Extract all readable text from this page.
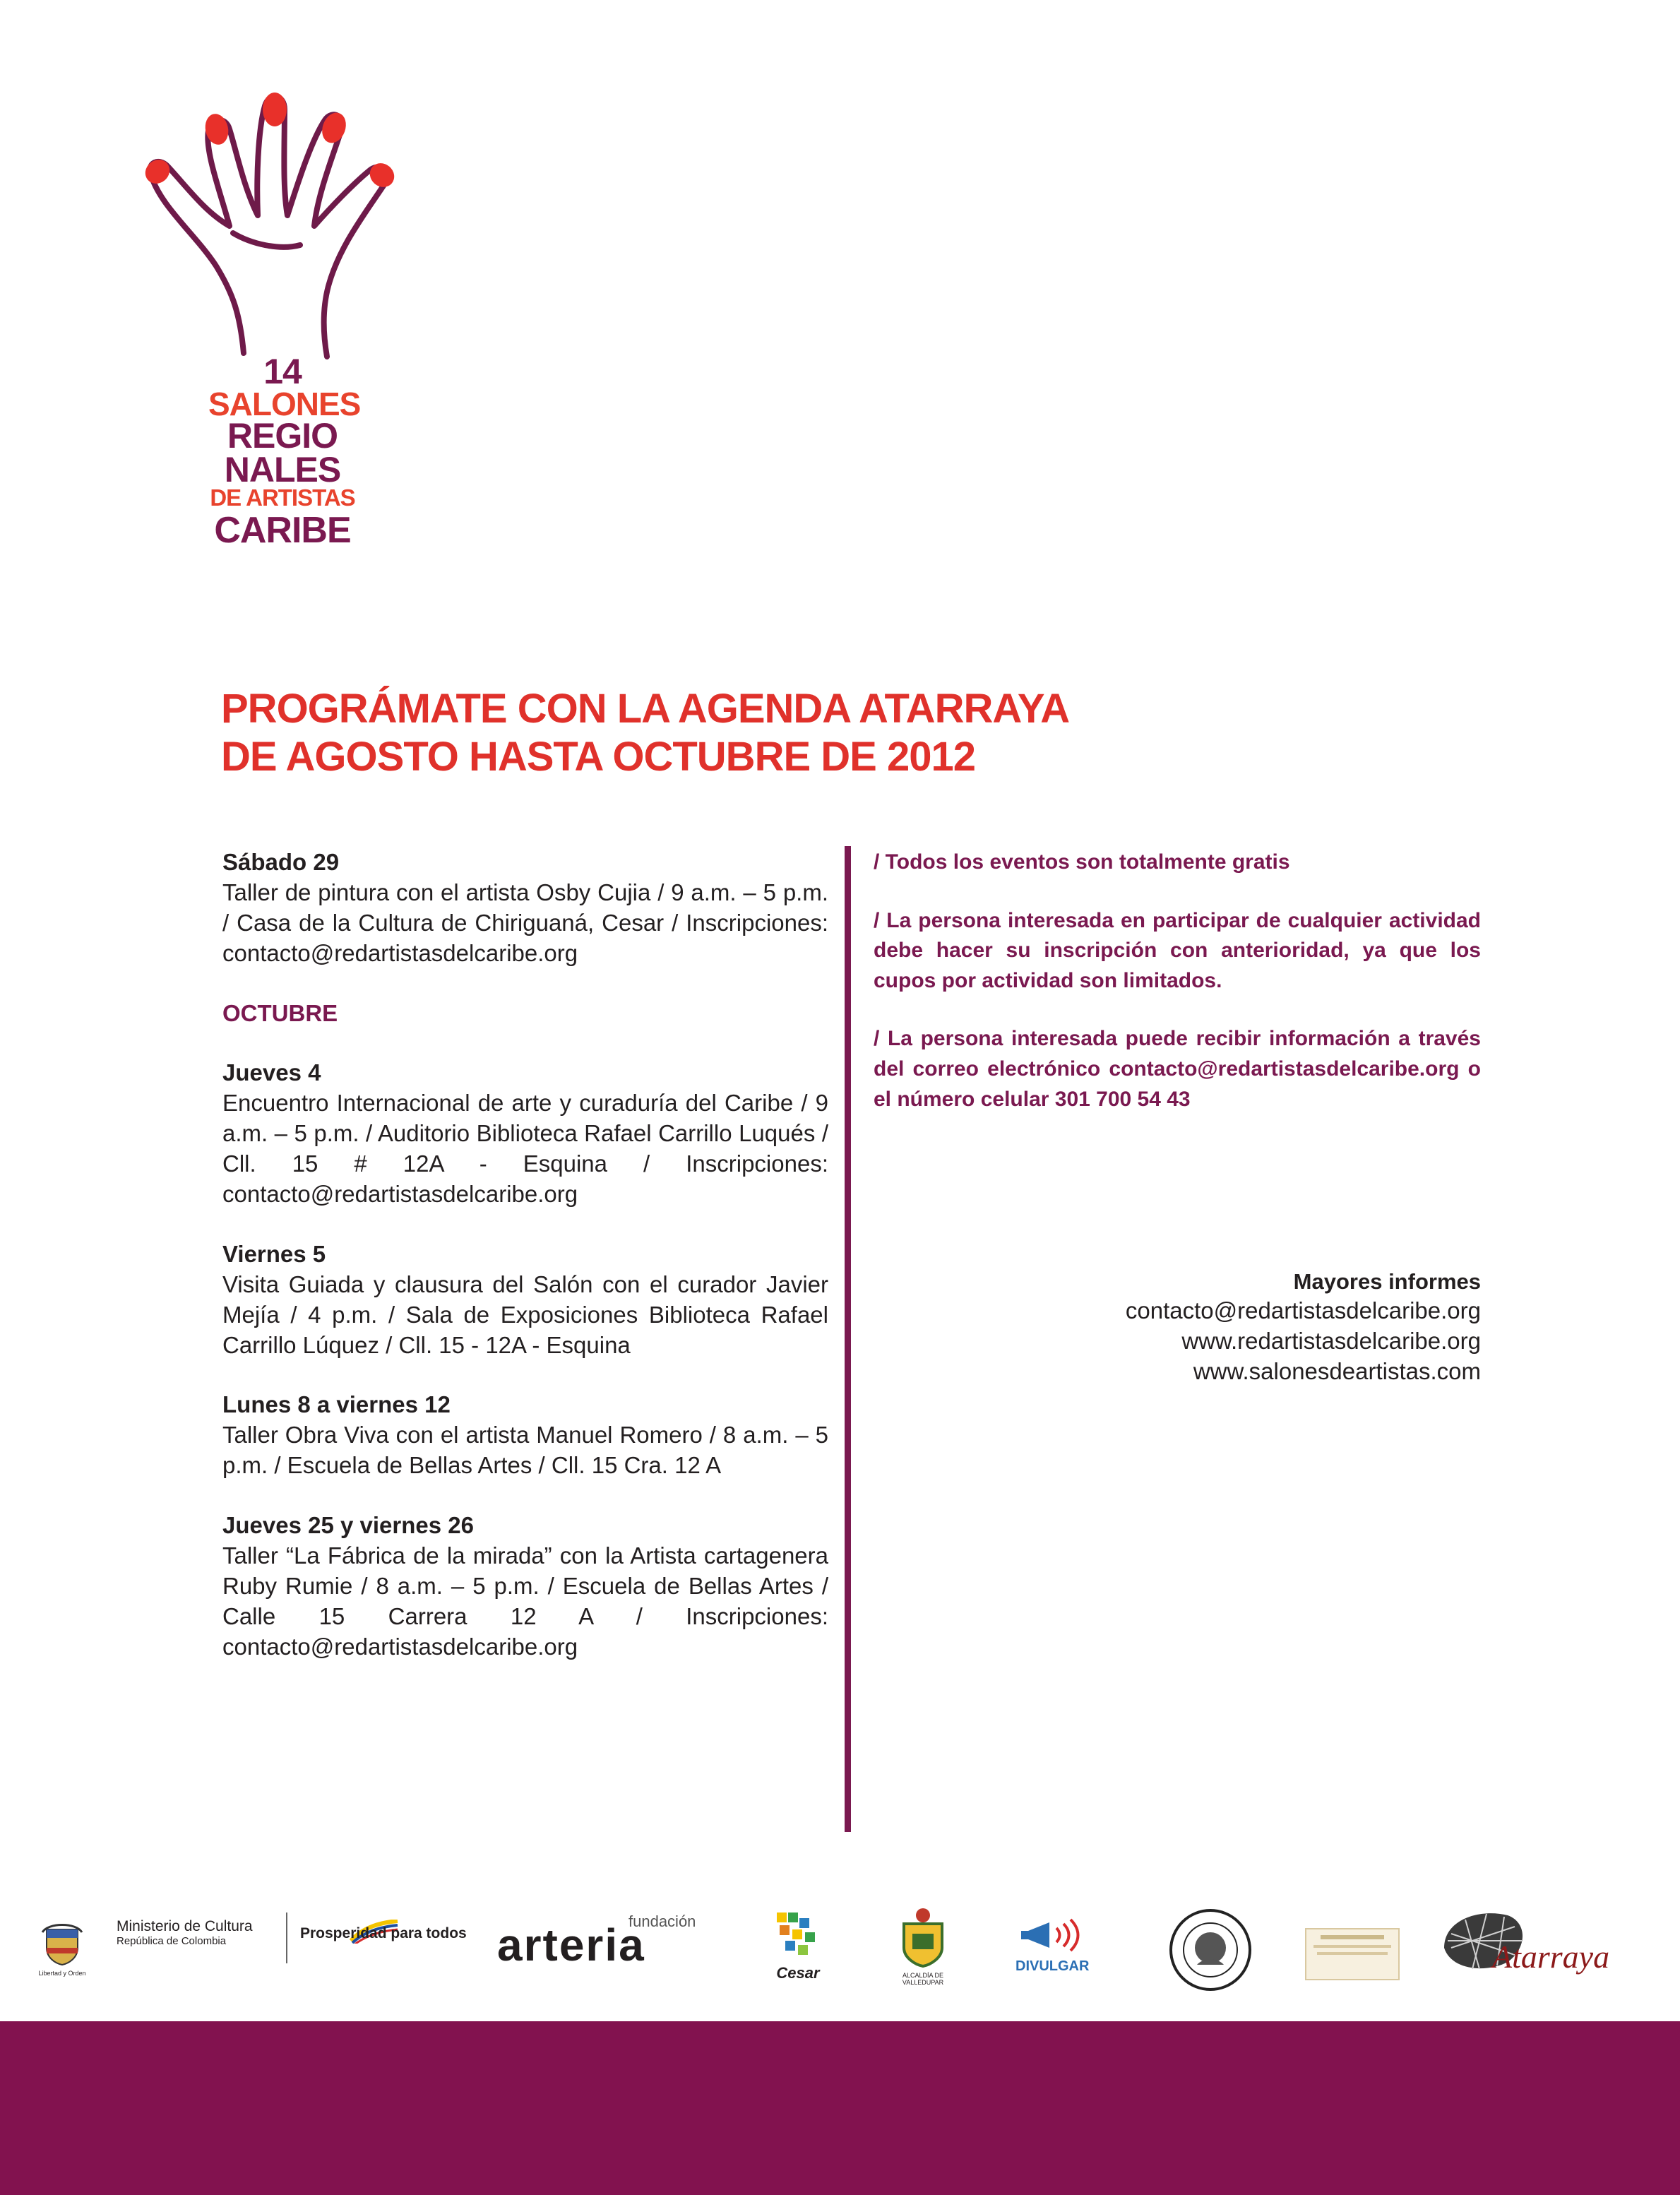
14
SALONES
REGIO
NALES
DE ARTISTAS
CARIBE
PROGRÁMATE CON LA AGENDA ATARRAYA
DE AGOSTO HASTA OCTUBRE DE 2012
Sábado 29
Taller de pintura con el artista Osby Cujia / 9 a.m. – 5 p.m. / Casa de la Cultura de Chiriguaná, Cesar / Inscripciones: contacto@redartistasdelcaribe.org
OCTUBRE
Jueves 4
Encuentro Internacional de arte y curaduría del Caribe / 9 a.m. – 5 p.m. / Auditorio Biblioteca Rafael Carrillo Luqués / Cll. 15 # 12A - Esquina / Inscripciones: contacto@redartistasdelcaribe.org
Viernes 5
Visita Guiada y clausura del Salón con el curador Javier Mejía / 4 p.m. / Sala de Exposiciones Biblioteca Rafael Carrillo Lúquez / Cll. 15 - 12A - Esquina
Lunes 8 a viernes 12
Taller Obra Viva con el artista Manuel Romero / 8 a.m. – 5 p.m. / Escuela de Bellas Artes / Cll. 15 Cra. 12 A
Jueves 25 y viernes 26
Taller “La Fábrica de la mirada” con la Artista cartagenera Ruby Rumie / 8 a.m. – 5 p.m. / Escuela de Bellas Artes / Calle 15 Carrera 12 A / Inscripciones: contacto@redartistasdelcaribe.org
/ Todos los eventos son totalmente gratis
/ La persona interesada en participar de cualquier actividad debe hacer su inscripción con anterioridad, ya que los cupos por actividad son limitados.
/ La persona interesada puede recibir información a través del correo electrónico contacto@redartistasdelcaribe.org o el número celular 301 700 54 43
Mayores informes
contacto@redartistasdelcaribe.org
www.redartistasdelcaribe.org
www.salonesdeartistas.com
Libertad y Orden
Ministerio de Cultura
República de Colombia	Prosperidad para todos
fundación
arteria
Cesar	ALCALDÍA DE VALLEDUPAR
DIVULGAR	Atarraya
